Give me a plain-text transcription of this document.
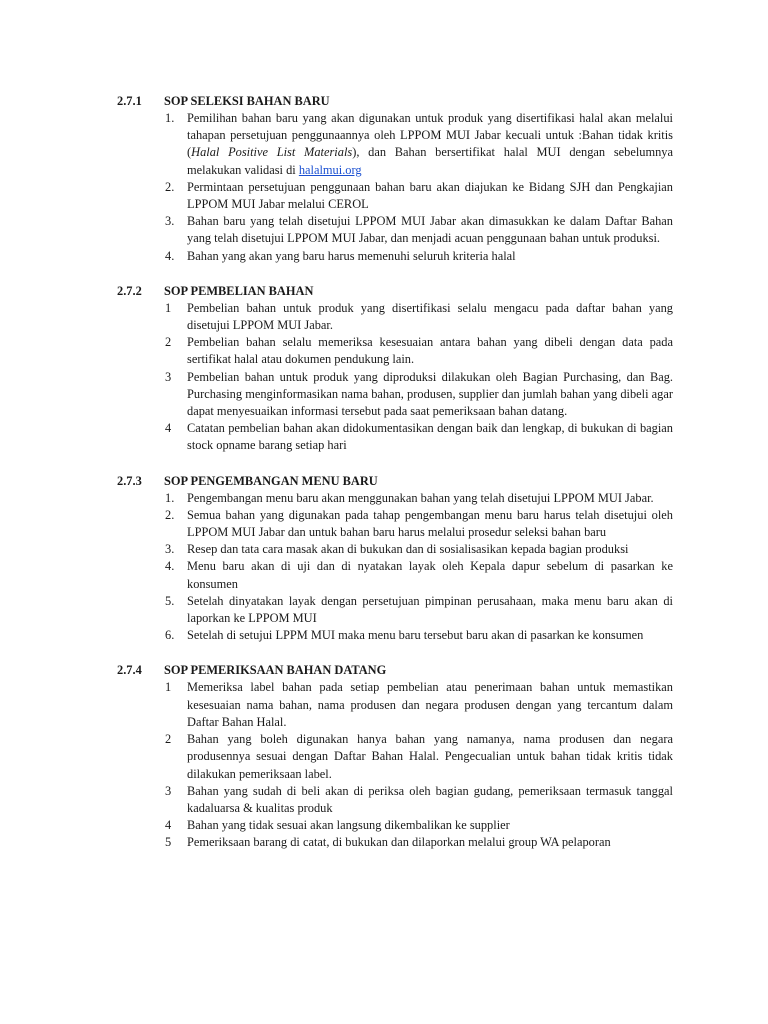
2.7.1	SOP SELEKSI BAHAN BARU
1.	Pemilihan bahan baru yang akan digunakan untuk produk yang disertifikasi halal akan melalui tahapan persetujuan penggunaannya oleh LPPOM MUI Jabar kecuali untuk :Bahan tidak kritis (Halal Positive List Materials), dan Bahan bersertifikat halal MUI dengan sebelumnya melakukan validasi di halalmui.org
2.	Permintaan persetujuan penggunaan bahan baru akan diajukan ke Bidang SJH dan Pengkajian LPPOM MUI Jabar melalui CEROL
3.	Bahan baru yang telah disetujui LPPOM MUI Jabar akan dimasukkan ke dalam Daftar Bahan yang telah disetujui LPPOM MUI Jabar, dan menjadi acuan penggunaan bahan untuk produksi.
4.	Bahan yang akan yang baru harus memenuhi seluruh kriteria halal
2.7.2	SOP PEMBELIAN BAHAN
1	Pembelian bahan untuk produk yang disertifikasi selalu mengacu pada daftar bahan yang disetujui LPPOM MUI Jabar.
2	Pembelian bahan selalu memeriksa kesesuaian antara bahan yang dibeli dengan data pada sertifikat halal atau dokumen pendukung lain.
3	Pembelian bahan untuk produk yang diproduksi dilakukan oleh Bagian Purchasing, dan Bag. Purchasing menginformasikan nama bahan, produsen, supplier dan jumlah bahan yang dibeli agar dapat menyesuaikan informasi tersebut pada saat pemeriksaan bahan datang.
4	Catatan pembelian bahan akan didokumentasikan dengan baik dan lengkap, di bukukan di bagian stock opname barang setiap hari
2.7.3	SOP PENGEMBANGAN MENU BARU
1.	Pengembangan menu baru akan menggunakan bahan yang telah disetujui LPPOM MUI Jabar.
2.	Semua bahan yang digunakan pada tahap pengembangan menu baru harus telah disetujui oleh LPPOM MUI Jabar dan untuk bahan baru harus melalui prosedur seleksi bahan baru
3.	Resep dan tata cara masak akan di bukukan dan di sosialisasikan kepada bagian produksi
4.	Menu baru akan di uji dan di nyatakan layak oleh Kepala dapur sebelum di pasarkan ke konsumen
5.	Setelah dinyatakan layak dengan persetujuan pimpinan perusahaan, maka menu baru akan di laporkan ke LPPOM MUI
6.	Setelah di setujui LPPM MUI maka menu baru tersebut baru akan di pasarkan ke konsumen
2.7.4	SOP PEMERIKSAAN BAHAN DATANG
1	Memeriksa label bahan pada setiap pembelian atau penerimaan bahan untuk memastikan kesesuaian nama bahan, nama produsen dan negara produsen dengan yang tercantum dalam Daftar Bahan Halal.
2	Bahan yang boleh digunakan hanya bahan yang namanya, nama produsen dan negara produsennya sesuai dengan Daftar Bahan Halal. Pengecualian untuk bahan tidak kritis tidak dilakukan pemeriksaan label.
3	Bahan yang sudah di beli akan di periksa oleh bagian gudang, pemeriksaan termasuk tanggal kadaluarsa & kualitas produk
4	Bahan yang tidak sesuai akan langsung dikembalikan ke supplier
5	Pemeriksaan barang di catat, di bukukan dan dilaporkan melalui group WA pelaporan
